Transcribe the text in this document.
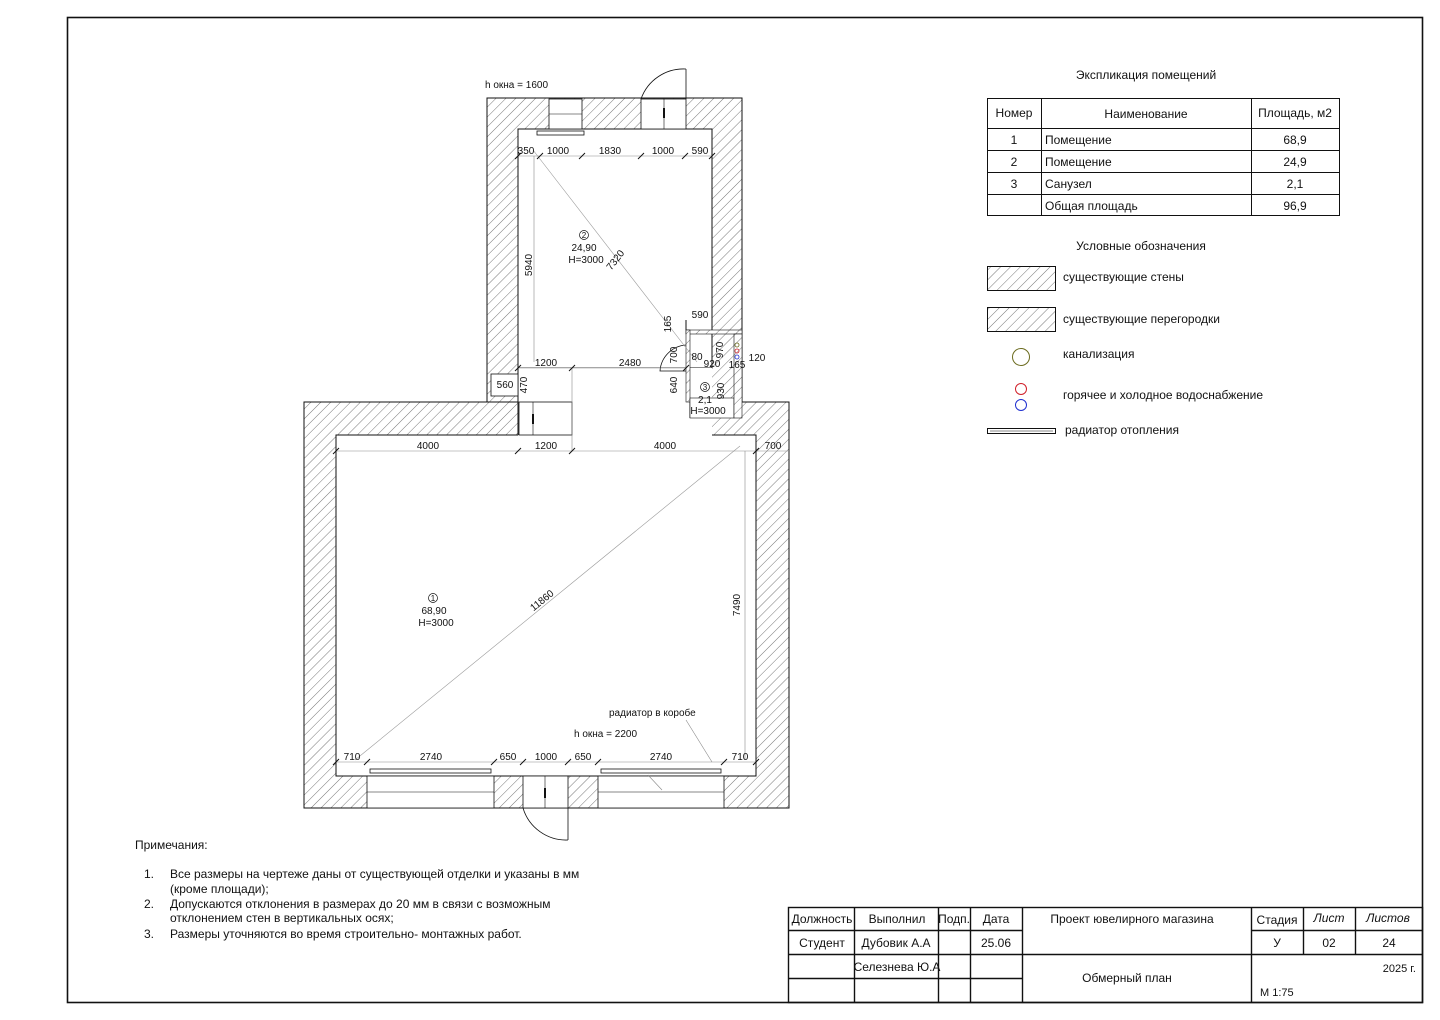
h окна = 1600
радиатор в коробе
h окна = 2200
2
24,90
H=3000 7320
1
68,90
H=3000
11860
3
2,1
H=3000
350 1000	1830	1000 590
5940
1200	2480
560 470
165
590
700 80
920
970
165
120
640	930
4000	1200	4000	700
7490
710	2740	650 1000 650	2740	710
Экспликация помещений
Номер	Наименование	Площадь, м2
1 Помещение	68,9
2 Помещение	24,9
3 Санузел	2,1
Общая площадь	96,9
Условные обозначения
существующие стены
существующие перегородки
канализация
горячее и холодное водоснабжение
радиатор отопления
Примечания:
1. Все размеры на чертеже даны от существующей отделки и указаны в мм
(кроме площади);
2. Допускаются отклонения в размерах до 20 мм в связи с возможным
отклонением стен в вертикальных осях;
3. Размеры уточняются во время строительно- монтажных работ.
Должность Выполнил Подп. Дата
Студент Дубовик А.А	25.06
Селезнева Ю.А
Проект ювелирного магазина
Обмерный план
Стадия Лист Листов
У	02	24
2025 г.
М 1:75
